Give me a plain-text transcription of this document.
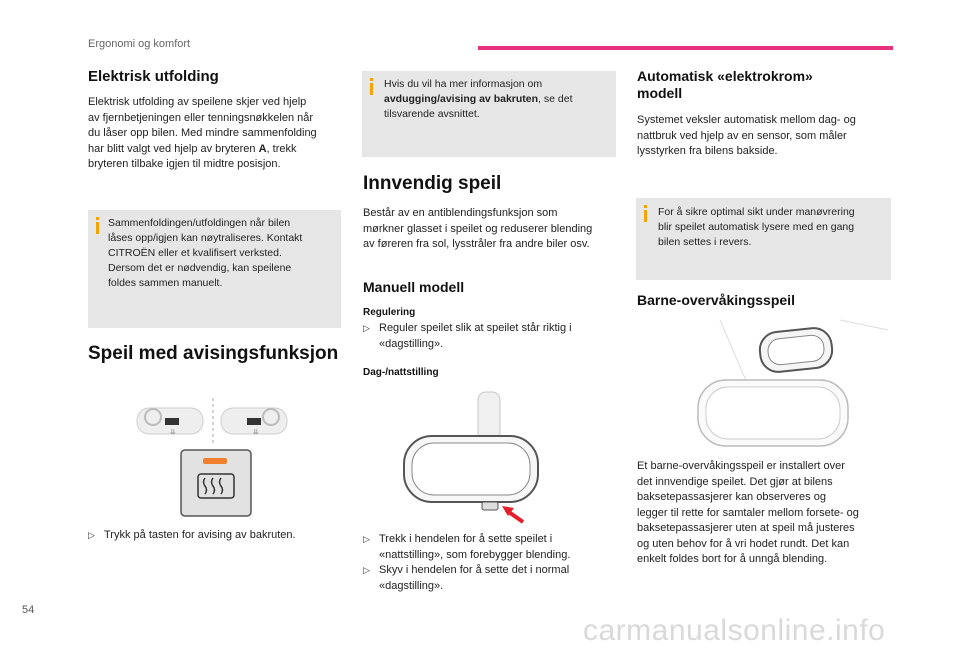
Ergonomi og komfort
Elektrisk utfolding

Elektrisk utfolding av speilene skjer ved hjelp

av fjernbetjeningen eller tenningsnøkkelen når

du låser opp bilen. Med mindre sammenfolding

har blitt valgt ved hjelp av bryteren A, trekk

bryteren tilbake igjen til midtre posisjon.

Sammenfoldingen/utfoldingen når bilen
låses opp/igjen kan nøytraliseres. Kontakt
CITROËN eller et kvalifisert verksted.
Dersom det er nødvendig, kan speilene
foldes sammen manuelt.
Speil med avisingsfunksjon
⇊	⇊
▷ Trykk på tasten for avising av bakruten.
Hvis du vil ha mer informasjon om
avdugging/avising av bakruten, se det
tilsvarende avsnittet.
Innvendig speil

Består av en antiblendingsfunksjon som

mørkner glasset i speilet og reduserer blending

av føreren fra sol, lysstråler fra andre biler osv.

Manuell modell
Regulering
▷ Reguler speilet slik at speilet står riktig i
«dagstilling».
Dag-/nattstilling
▷ Trekk i hendelen for å sette speilet i
«nattstilling», som forebygger blending.
▷ Skyv i hendelen for å sette det i normal
«dagstilling».
Automatisk «elektrokrom»
modell

Systemet veksler automatisk mellom dag- og

nattbruk ved hjelp av en sensor, som måler

lysstyrken fra bilens bakside.

For å sikre optimal sikt under manøvrering
blir speilet automatisk lysere med en gang
bilen settes i revers.
Barne-overvåkingsspeil

Et barne-overvåkingsspeil er installert over

det innvendige speilet. Det gjør at bilens

baksetepassasjerer kan observeres og

legger til rette for samtaler mellom forsete- og

baksetepassasjerer uten at speil må justeres

og uten behov for å vri hodet rundt. Det kan

enkelt foldes bort for å unngå blending.

54
carmanualsonline.info
